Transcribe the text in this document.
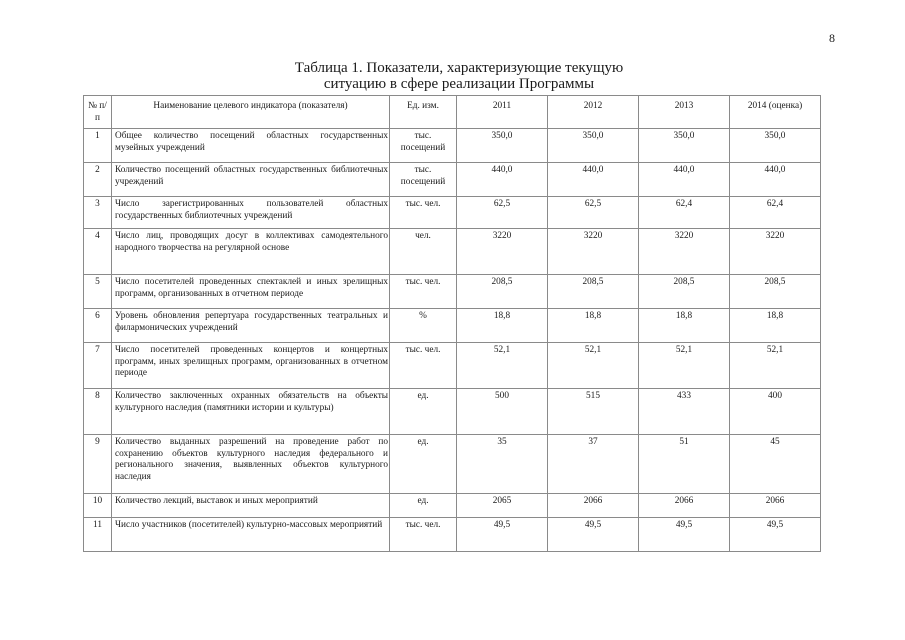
8
Таблица 1. Показатели, характеризующие текущую
ситуацию в сфере реализации Программы
№ п/п	Наименование целевого индикатора (показателя)	Ед. изм.	2011	2012	2013	2014 (оценка)
1	Общее количество посещений областных государственных музейных учреждений	тыс. посещений	350,0	350,0	350,0	350,0
2	Количество посещений областных государственных библиотечных учреждений	тыс. посещений	440,0	440,0	440,0	440,0
3	Число зарегистрированных пользователей областных государственных библиотечных учреждений	тыс. чел.	62,5	62,5	62,4	62,4
4	Число лиц, проводящих досуг в коллективах самодеятельного народного творчества на регулярной основе	чел.	3220	3220	3220	3220
5	Число посетителей проведенных спектаклей и иных зрелищных программ, организованных в отчетном периоде	тыс. чел.	208,5	208,5	208,5	208,5
6	Уровень обновления репертуара государственных театральных и филармонических учреждений	%	18,8	18,8	18,8	18,8
7	Число посетителей проведенных концертов и концертных программ, иных зрелищных программ, организованных в отчетном периоде	тыс. чел.	52,1	52,1	52,1	52,1
8	Количество заключенных охранных обязательств на объекты культурного наследия (памятники истории и культуры)	ед.	500	515	433	400
9	Количество выданных разрешений на проведение работ по сохранению объектов культурного наследия федерального и регионального значения, выявленных объектов культурного наследия	ед.	35	37	51	45
10	Количество лекций, выставок и иных мероприятий	ед.	2065	2066	2066	2066
11	Число участников (посетителей) культурно-массовых мероприятий	тыс. чел.	49,5	49,5	49,5	49,5
